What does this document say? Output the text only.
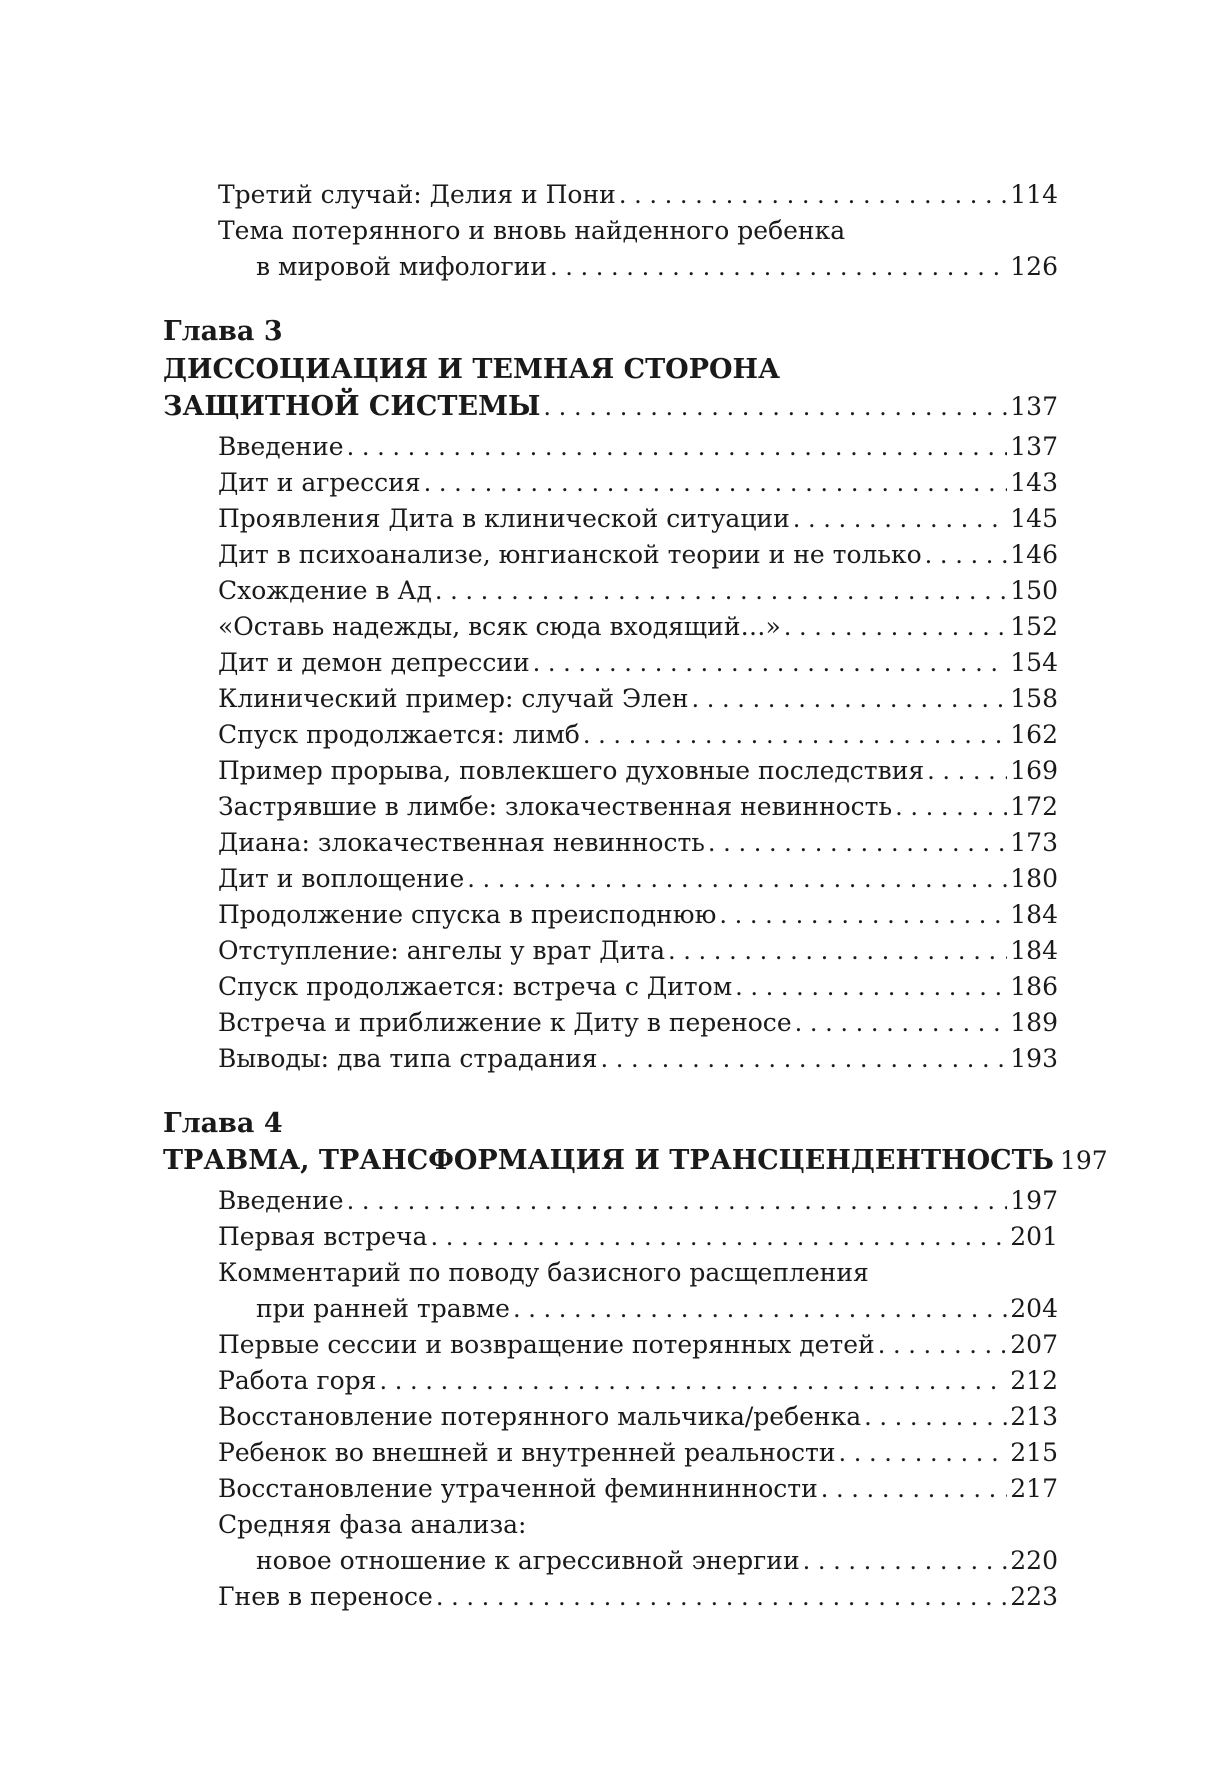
Третий случай: Делия и Пони . . .	114
Тема потерянного и вновь найденного ребенка
в мировой мифологии . . .	126
Глава 3
ДИССОЦИАЦИЯ И ТЕМНАЯ СТОРОНА
ЗАЩИТНОЙ СИСТЕМЫ . . .	137
Введение . . .	137
Дит и агрессия . . .	143
Проявления Дита в клинической ситуации . . .	145
Дит в психоанализе, юнгианской теории и не только . . .	146
Схождение в Ад . . .	150
«Оставь надежды, всяк сюда входящий…» . . .	152
Дит и демон депрессии . . .	154
Клинический пример: случай Элен . . .	158
Спуск продолжается: лимб . . .	162
Пример прорыва, повлекшего духовные последствия . . .	169
Застрявшие в лимбе: злокачественная невинность . . .	172
Диана: злокачественная невинность . . .	173
Дит и воплощение . . .	180
Продолжение спуска в преисподнюю . . .	184
Отступление: ангелы у врат Дита . . .	184
Спуск продолжается: встреча с Дитом . . .	186
Встреча и приближение к Диту в переносе . . .	189
Выводы: два типа страдания . . .	193
Глава 4
ТРАВМА, ТРАНСФОРМАЦИЯ И ТРАНСЦЕНДЕНТНОСТЬ 197
Введение . . .	197
Первая встреча . . .	201
Комментарий по поводу базисного расщепления
при ранней травме . . .	204
Первые сессии и возвращение потерянных детей . . .	207
Работа горя . . .	212
Восстановление потерянного мальчика/ребенка . . .	213
Ребенок во внешней и внутренней реальности . . .	215
Восстановление утраченной феминнинности . . .	217
Средняя фаза анализа:
новое отношение к агрессивной энергии . . .	220
Гнев в переносе . . .	223
